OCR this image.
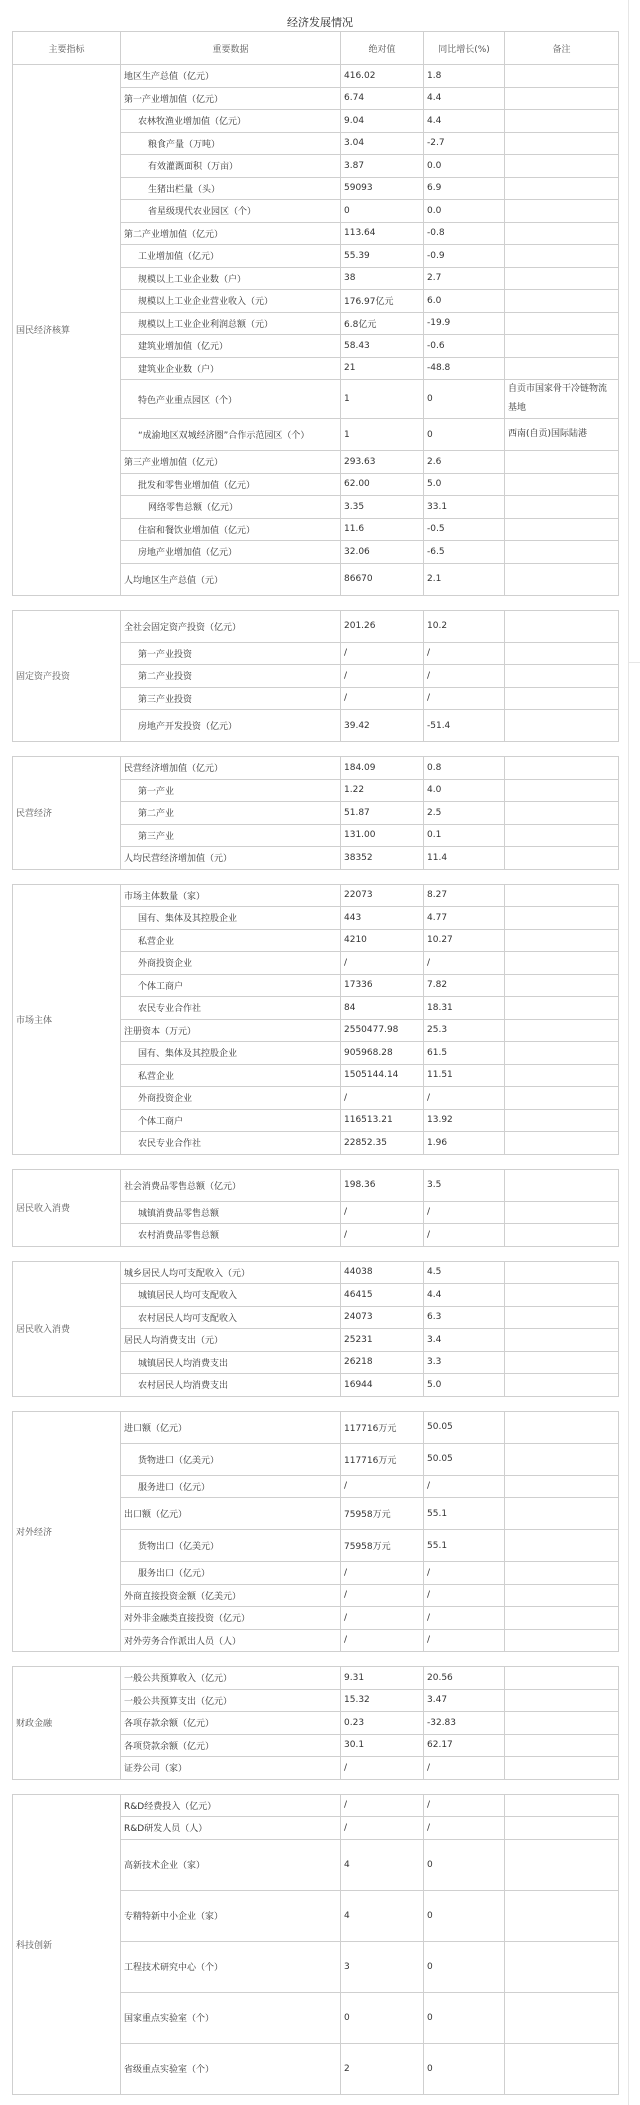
经济发展情况
主要指标	重要数据	绝对值	同比增长(%)	备注
国民经济核算	地区生产总值（亿元）	416.02	1.8	
	第一产业增加值（亿元）	6.74	4.4	
	农林牧渔业增加值（亿元）	9.04	4.4	
	粮食产量（万吨）	3.04	-2.7	
	有效灌溉面积（万亩）	3.87	0.0	
	生猪出栏量（头）	59093	6.9	
	省星级现代农业园区（个）	0	0.0	
	第二产业增加值（亿元）	113.64	-0.8	
	工业增加值（亿元）	55.39	-0.9	
	规模以上工业企业数（户）	38	2.7	
	规模以上工业企业营业收入（元）	176.97亿元	6.0	
	规模以上工业企业利润总额（元）	6.8亿元	-19.9	
	建筑业增加值（亿元）	58.43	-0.6	
	建筑业企业数（户）	21	-48.8	
	特色产业重点园区（个）	1	0	自贡市国家骨干冷链物流基地
	“成渝地区双城经济圈”合作示范园区（个）	1	0	西南(自贡)国际陆港
	第三产业增加值（亿元）	293.63	2.6	
	批发和零售业增加值（亿元）	62.00	5.0	
	网络零售总额（亿元）	3.35	33.1	
	住宿和餐饮业增加值（亿元）	11.6	-0.5	
	房地产业增加值（亿元）	32.06	-6.5	
	人均地区生产总值（元）	86670	2.1	

固定资产投资	全社会固定资产投资（亿元）	201.26	10.2	
	第一产业投资	/	/	
	第二产业投资	/	/	
	第三产业投资	/	/	
	房地产开发投资（亿元）	39.42	-51.4	

民营经济	民营经济增加值（亿元）	184.09	0.8	
	第一产业	1.22	4.0	
	第二产业	51.87	2.5	
	第三产业	131.00	0.1	
	人均民营经济增加值（元）	38352	11.4	

市场主体	市场主体数量（家）	22073	8.27	
	国有、集体及其控股企业	443	4.77	
	私营企业	4210	10.27	
	外商投资企业	/	/	
	个体工商户	17336	7.82	
	农民专业合作社	84	18.31	
	注册资本（万元）	2550477.98	25.3	
	国有、集体及其控股企业	905968.28	61.5	
	私营企业	1505144.14	11.51	
	外商投资企业	/	/	
	个体工商户	116513.21	13.92	
	农民专业合作社	22852.35	1.96	

居民收入消费	社会消费品零售总额（亿元）	198.36	3.5	
	城镇消费品零售总额	/	/	
	农村消费品零售总额	/	/	

居民收入消费	城乡居民人均可支配收入（元）	44038	4.5	
	城镇居民人均可支配收入	46415	4.4	
	农村居民人均可支配收入	24073	6.3	
	居民人均消费支出（元）	25231	3.4	
	城镇居民人均消费支出	26218	3.3	
	农村居民人均消费支出	16944	5.0	

对外经济	进口额（亿元）	117716万元	50.05	
	货物进口（亿美元）	117716万元	50.05	
	服务进口（亿元）	/	/	
	出口额（亿元）	75958万元	55.1	
	货物出口（亿美元）	75958万元	55.1	
	服务出口（亿元）	/	/	
	外商直接投资金额（亿美元）	/	/	
	对外非金融类直接投资（亿元）	/	/	
	对外劳务合作派出人员（人）	/	/	

财政金融	一般公共预算收入（亿元）	9.31	20.56	
	一般公共预算支出（亿元）	15.32	3.47	
	各项存款余额（亿元）	0.23	-32.83	
	各项贷款余额（亿元）	30.1	62.17	
	证券公司（家）	/	/	

科技创新	R&D经费投入（亿元）	/	/	
	R&D研发人员（人）	/	/	
	高新技术企业（家）	4	0	
	专精特新中小企业（家）	4	0	
	工程技术研究中心（个）	3	0	
	国家重点实验室（个）	0	0	
	省级重点实验室（个）	2	0	
